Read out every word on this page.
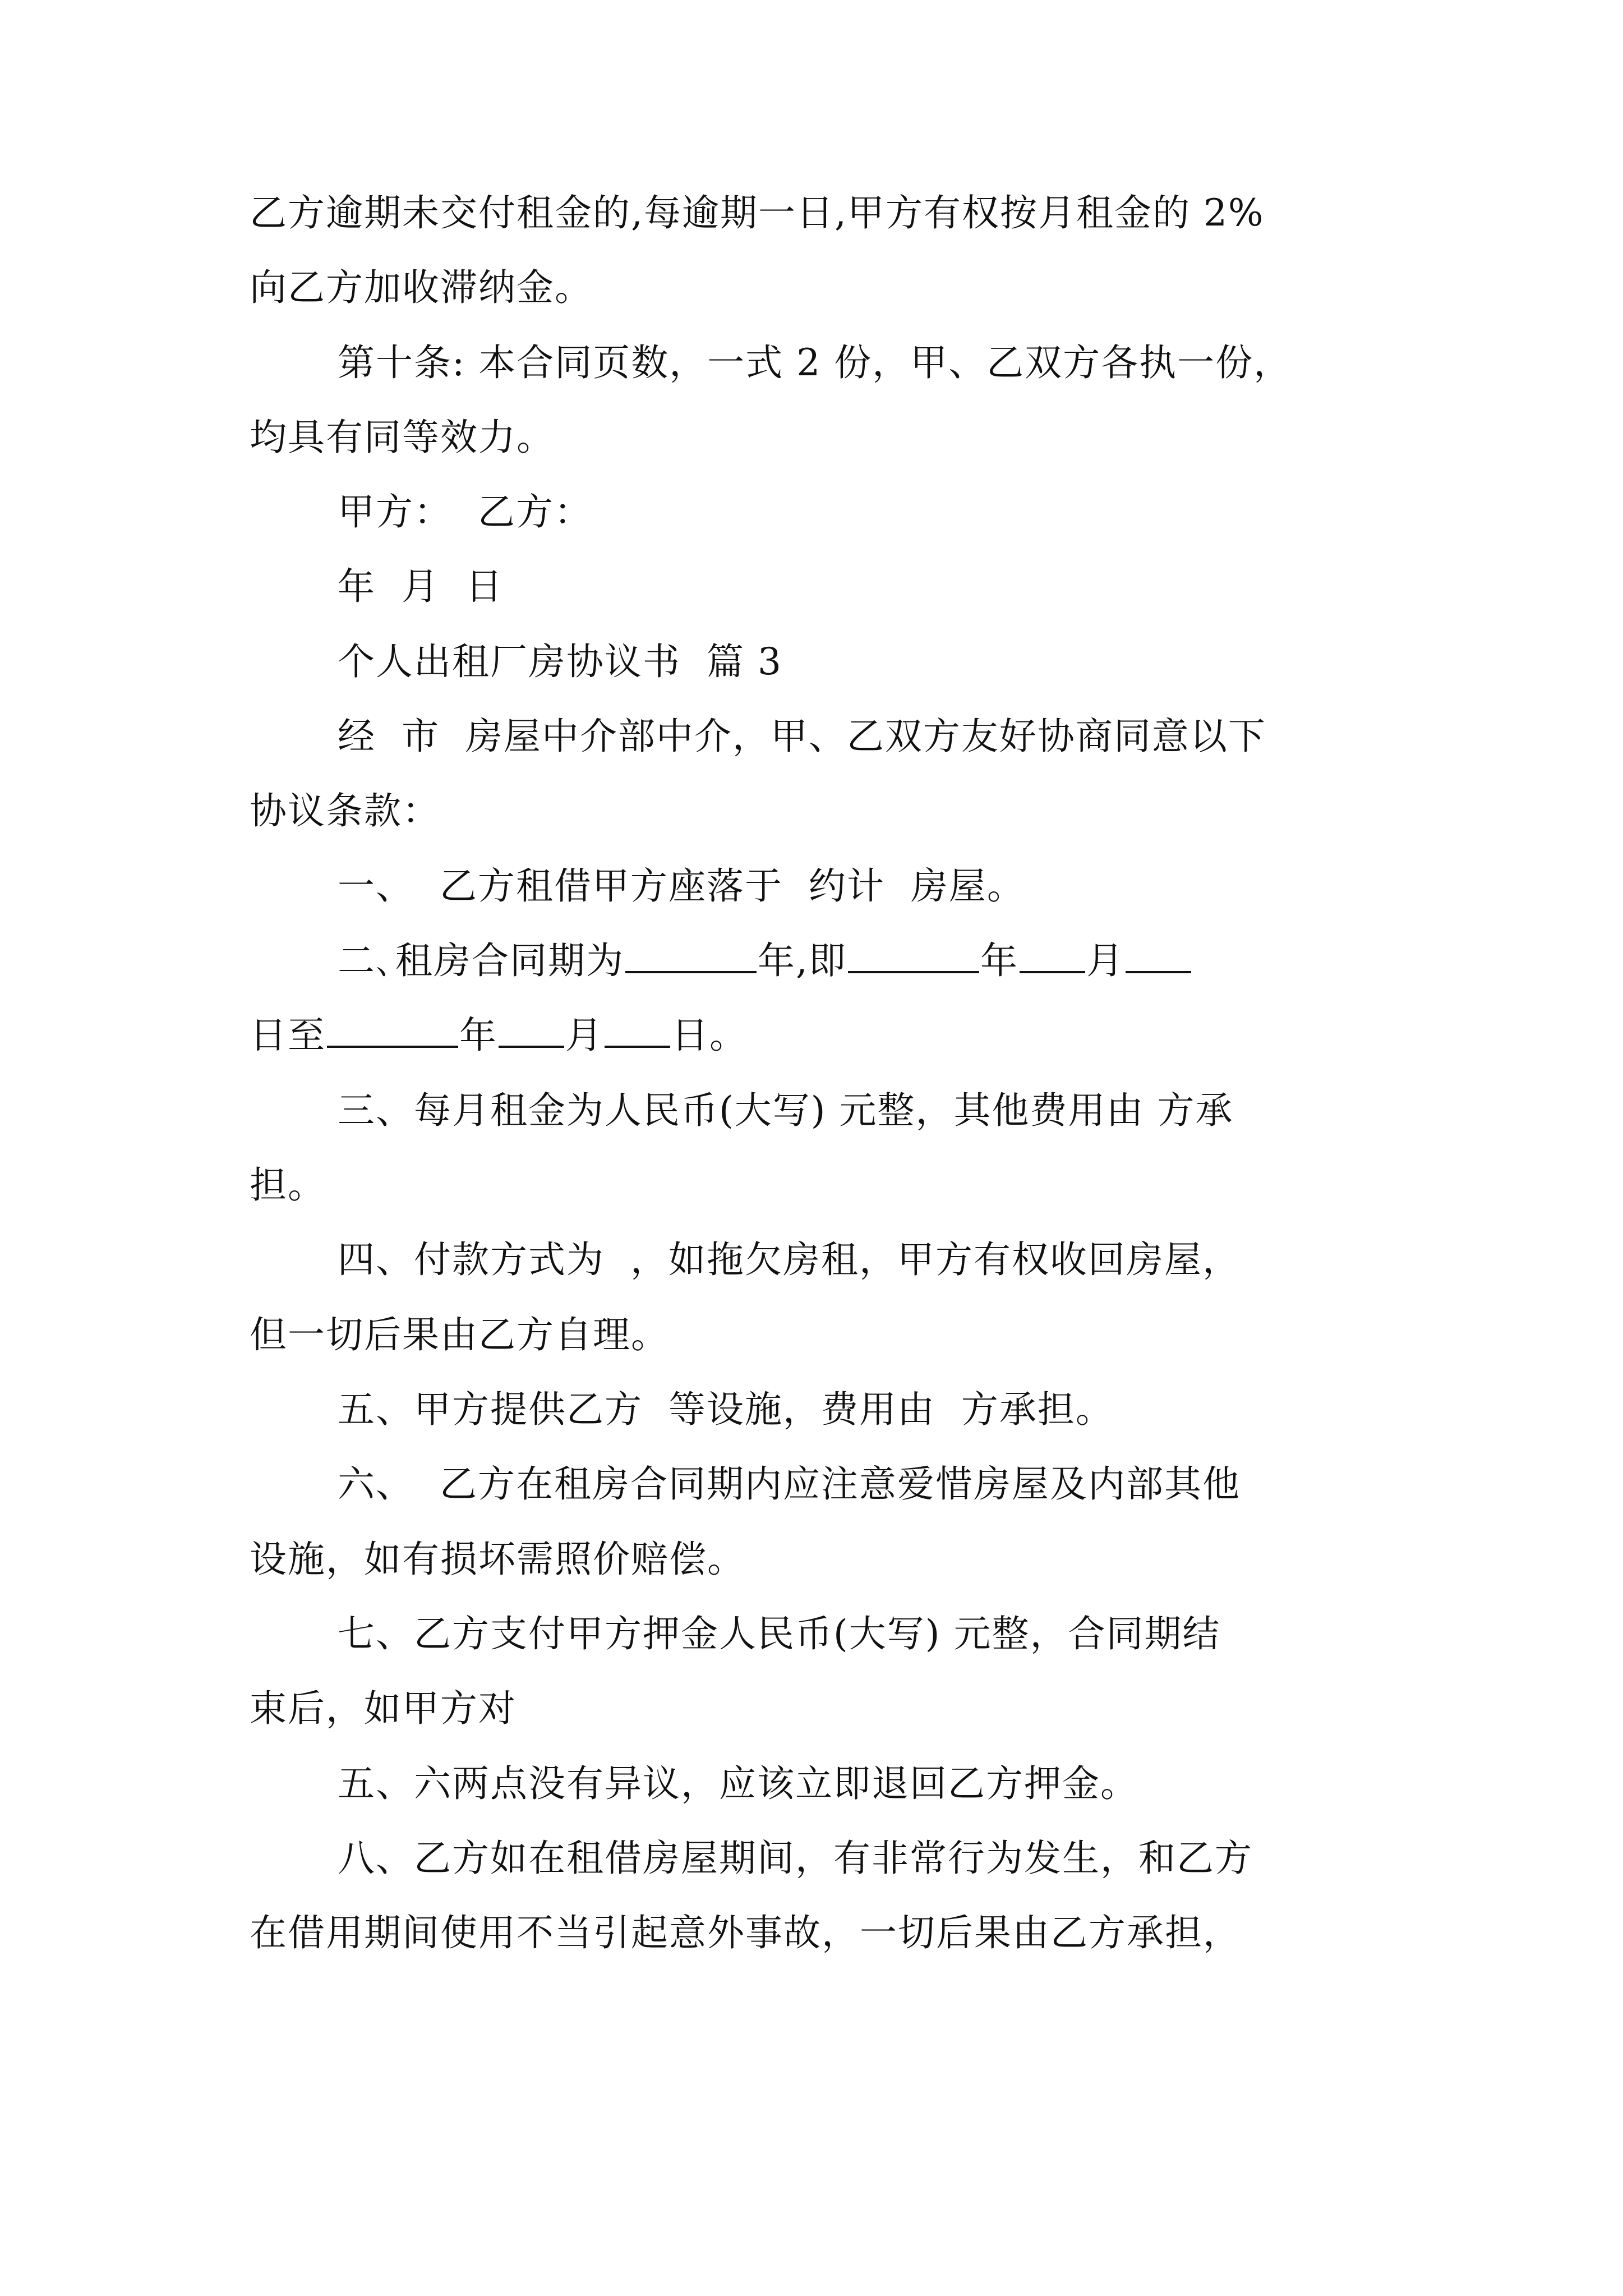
乙方逾期未交付租金的,每逾期一日,甲方有权按月租金的 2%
向乙方加收滞纳金。
第十条: 本合同页数，一式 2 份，甲、乙双方各执一份，
均具有同等效力。
甲方：  乙方：
年  月  日
个人出租厂房协议书  篇 3
经  市  房屋中介部中介，甲、乙双方友好协商同意以下
协议条款：
一、  乙方租借甲方座落于  约计  房屋。
二､租房合同期为	年,即	年 月
日至	年 月 日。
三、每月租金为人民币(大写) 元整，其他费用由 方承
担。
四、付款方式为  ，如拖欠房租，甲方有权收回房屋，
但一切后果由乙方自理。
五、甲方提供乙方  等设施，费用由  方承担。
六、  乙方在租房合同期内应注意爱惜房屋及内部其他
设施，如有损坏需照价赔偿。
七、乙方支付甲方押金人民币(大写) 元整，合同期结
束后，如甲方对
五、六两点没有异议，应该立即退回乙方押金。
八、乙方如在租借房屋期间，有非常行为发生，和乙方
在借用期间使用不当引起意外事故，一切后果由乙方承担，
